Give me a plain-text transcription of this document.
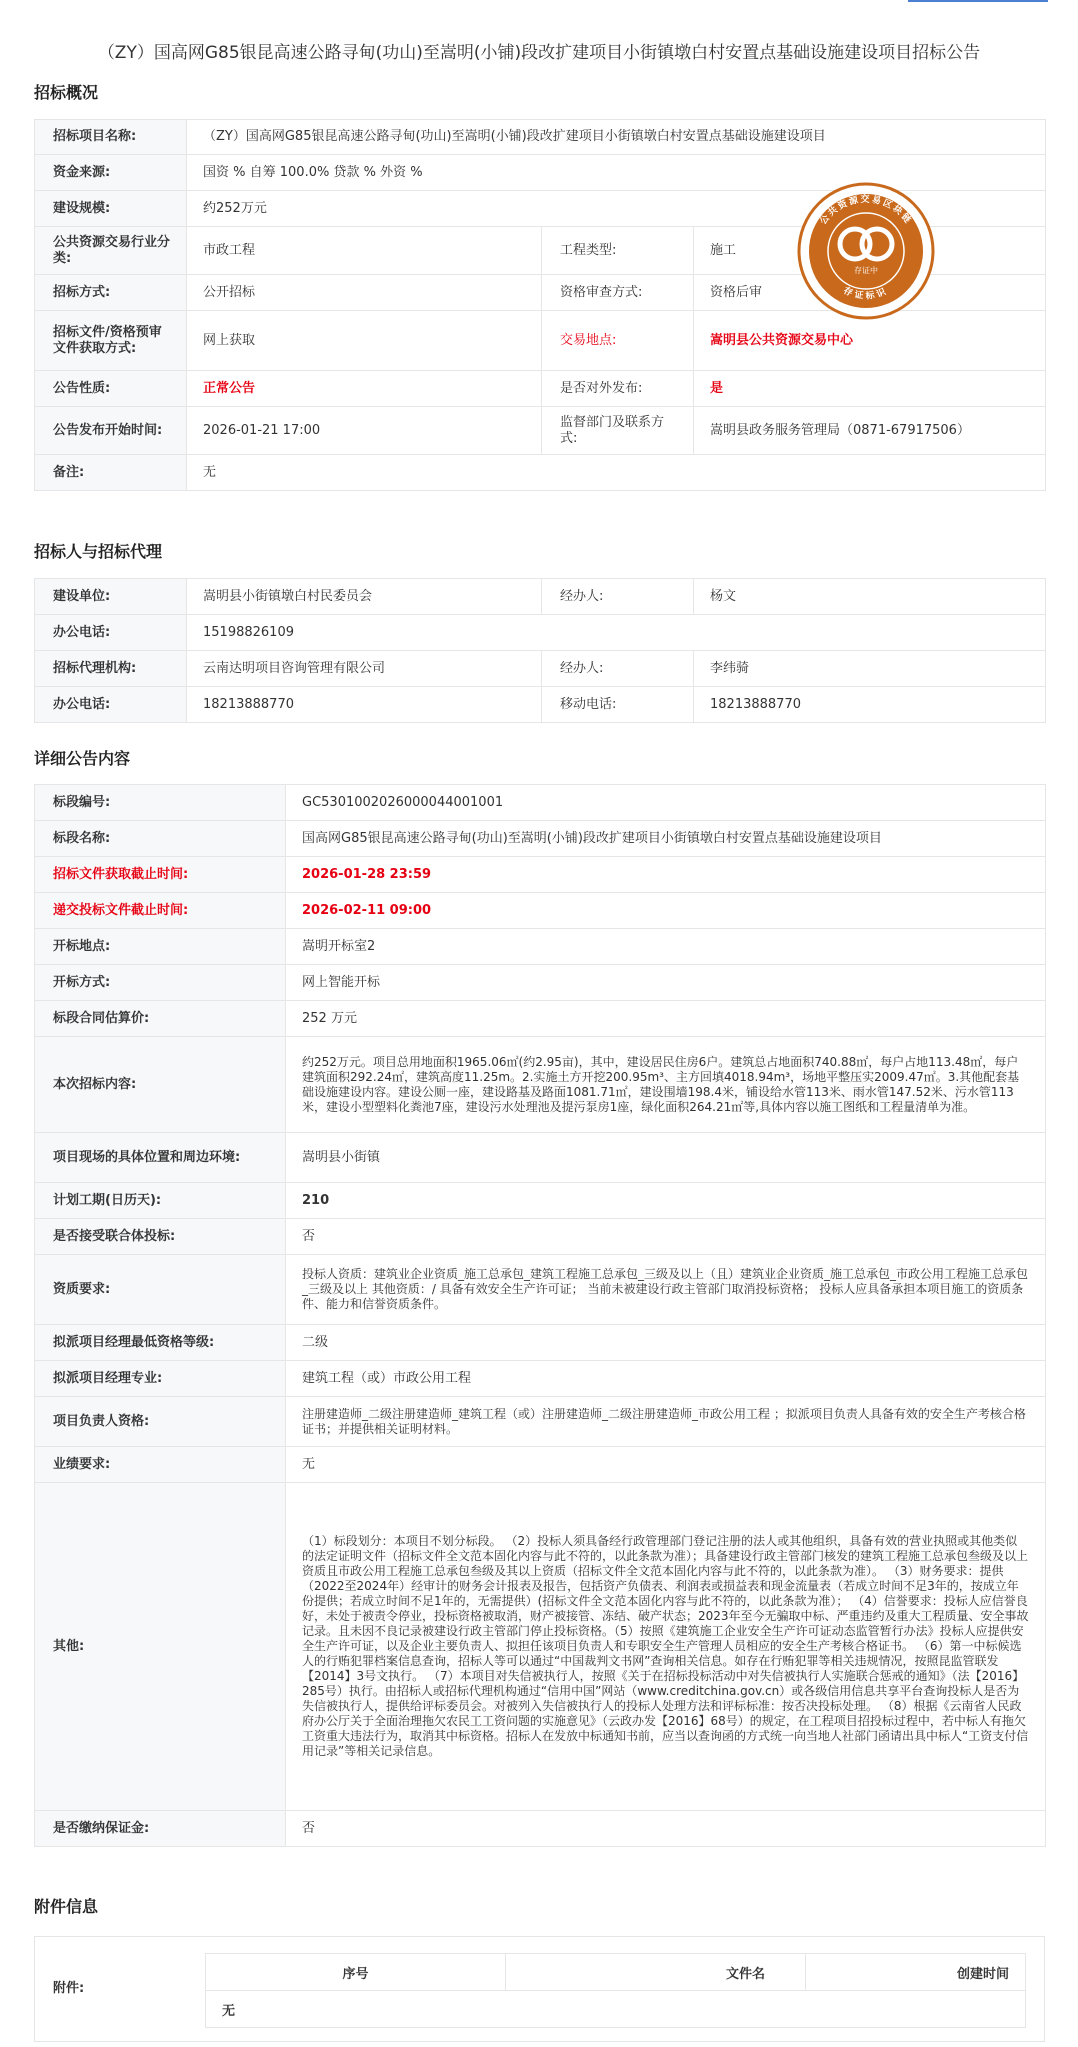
（ZY）国高网G85银昆高速公路寻甸(功山)至嵩明(小铺)段改扩建项目小街镇墩白村安置点基础设施建设项目招标公告
招标概况
招标项目名称:	（ZY）国高网G85银昆高速公路寻甸(功山)至嵩明(小铺)段改扩建项目小街镇墩白村安置点基础设施建设项目		
资金来源:	国资 % 自筹 100.0% 贷款 % 外资 %		
建设规模:	约252万元		
公共资源交易行业分类:	市政工程	工程类型:	施工
招标方式:	公开招标	资格审查方式:	资格后审
招标文件/资格预审文件获取方式:	网上获取	交易地点:	嵩明县公共资源交易中心
公告性质:	正常公告	是否对外发布:	是
公告发布开始时间:	2026-01-21 17:00	监督部门及联系方式:	嵩明县政务服务管理局（0871-67917506）
备注:	无		
公共资源交易区块链
存证中
存证标识
招标人与招标代理
建设单位:	嵩明县小街镇墩白村民委员会	经办人:	杨文
办公电话:	15198826109		
招标代理机构:	云南达明项目咨询管理有限公司	经办人:	李纬骑
办公电话:	18213888770	移动电话:	18213888770
详细公告内容
标段编号:	GC5301002026000044001001
标段名称:	国高网G85银昆高速公路寻甸(功山)至嵩明(小铺)段改扩建项目小街镇墩白村安置点基础设施建设项目
招标文件获取截止时间:	2026-01-28 23:59
递交投标文件截止时间:	2026-02-11 09:00
开标地点:	嵩明开标室2
开标方式:	网上智能开标
标段合同估算价:	252 万元
本次招标内容:	约252万元。项目总用地面积1965.06㎡(约2.95亩)，其中，建设居民住房6户。建筑总占地面积740.88㎡，每户占地113.48㎡，每户建筑面积292.24㎡，建筑高度11.25m。2.实施土方开挖200.95m³、主方回填4018.94m³，场地平整压实2009.47㎡。3.其他配套基础设施建设内容。建设公厕一座，建设路基及路面1081.71㎡，建设围墙198.4米，铺设给水管113米、雨水管147.52米、污水管113米，建设小型塑料化粪池7座，建设污水处理池及提污泵房1座，绿化面积264.21㎡等,具体内容以施工图纸和工程量清单为准。
项目现场的具体位置和周边环境:	嵩明县小街镇
计划工期(日历天):	210
是否接受联合体投标:	否
资质要求:	投标人资质：建筑业企业资质_施工总承包_建筑工程施工总承包_三级及以上（且）建筑业企业资质_施工总承包_市政公用工程施工总承包_三级及以上 其他资质：/ 具备有效安全生产许可证； 当前未被建设行政主管部门取消投标资格； 投标人应具备承担本项目施工的资质条件、能力和信誉资质条件。
拟派项目经理最低资格等级:	二级
拟派项目经理专业:	建筑工程（或）市政公用工程
项目负责人资格:	注册建造师_二级注册建造师_建筑工程（或）注册建造师_二级注册建造师_市政公用工程 ；拟派项目负责人具备有效的安全生产考核合格证书；并提供相关证明材料。
业绩要求:	无
其他:	（1）标段划分：本项目不划分标段。 （2）投标人须具备经行政管理部门登记注册的法人或其他组织，具备有效的营业执照或其他类似的法定证明文件（招标文件全文范本固化内容与此不符的，以此条款为准）；具备建设行政主管部门核发的建筑工程施工总承包叁级及以上资质且市政公用工程施工总承包叁级及其以上资质（招标文件全文范本固化内容与此不符的，以此条款为准）。 （3）财务要求：提供（2022至2024年）经审计的财务会计报表及报告，包括资产负债表、利润表或损益表和现金流量表（若成立时间不足3年的，按成立年份提供；若成立时间不足1年的，无需提供）(招标文件全文范本固化内容与此不符的，以此条款为准）； （4）信誉要求：投标人应信誉良好，未处于被责令停业，投标资格被取消，财产被接管、冻结、破产状态；2023年至今无骗取中标、严重违约及重大工程质量、安全事故记录。且未因不良记录被建设行政主管部门停止投标资格。（5）按照《建筑施工企业安全生产许可证动态监管暂行办法》投标人应提供安全生产许可证，以及企业主要负责人、拟担任该项目负责人和专职安全生产管理人员相应的安全生产考核合格证书。 （6）第一中标候选人的行贿犯罪档案信息查询，招标人等可以通过“中国裁判文书网”查询相关信息。如存在行贿犯罪等相关违规情况，按照昆监管联发【2014】3号文执行。 （7）本项目对失信被执行人，按照《关于在招标投标活动中对失信被执行人实施联合惩戒的通知》（法【2016】285号）执行。由招标人或招标代理机构通过“信用中国”网站（www.creditchina.gov.cn）或各级信用信息共享平台查询投标人是否为失信被执行人，提供给评标委员会。对被列入失信被执行人的投标人处理方法和评标标准：按否决投标处理。 （8）根据《云南省人民政府办公厅关于全面治理拖欠农民工工资问题的实施意见》（云政办发【2016】68号）的规定，在工程项目招投标过程中，若中标人有拖欠工资重大违法行为，取消其中标资格。招标人在发放中标通知书前，应当以查询函的方式统一向当地人社部门函请出具中标人“工资支付信用记录”等相关记录信息。
是否缴纳保证金:	否
附件信息
附件:
序号	文件名	创建时间
无
